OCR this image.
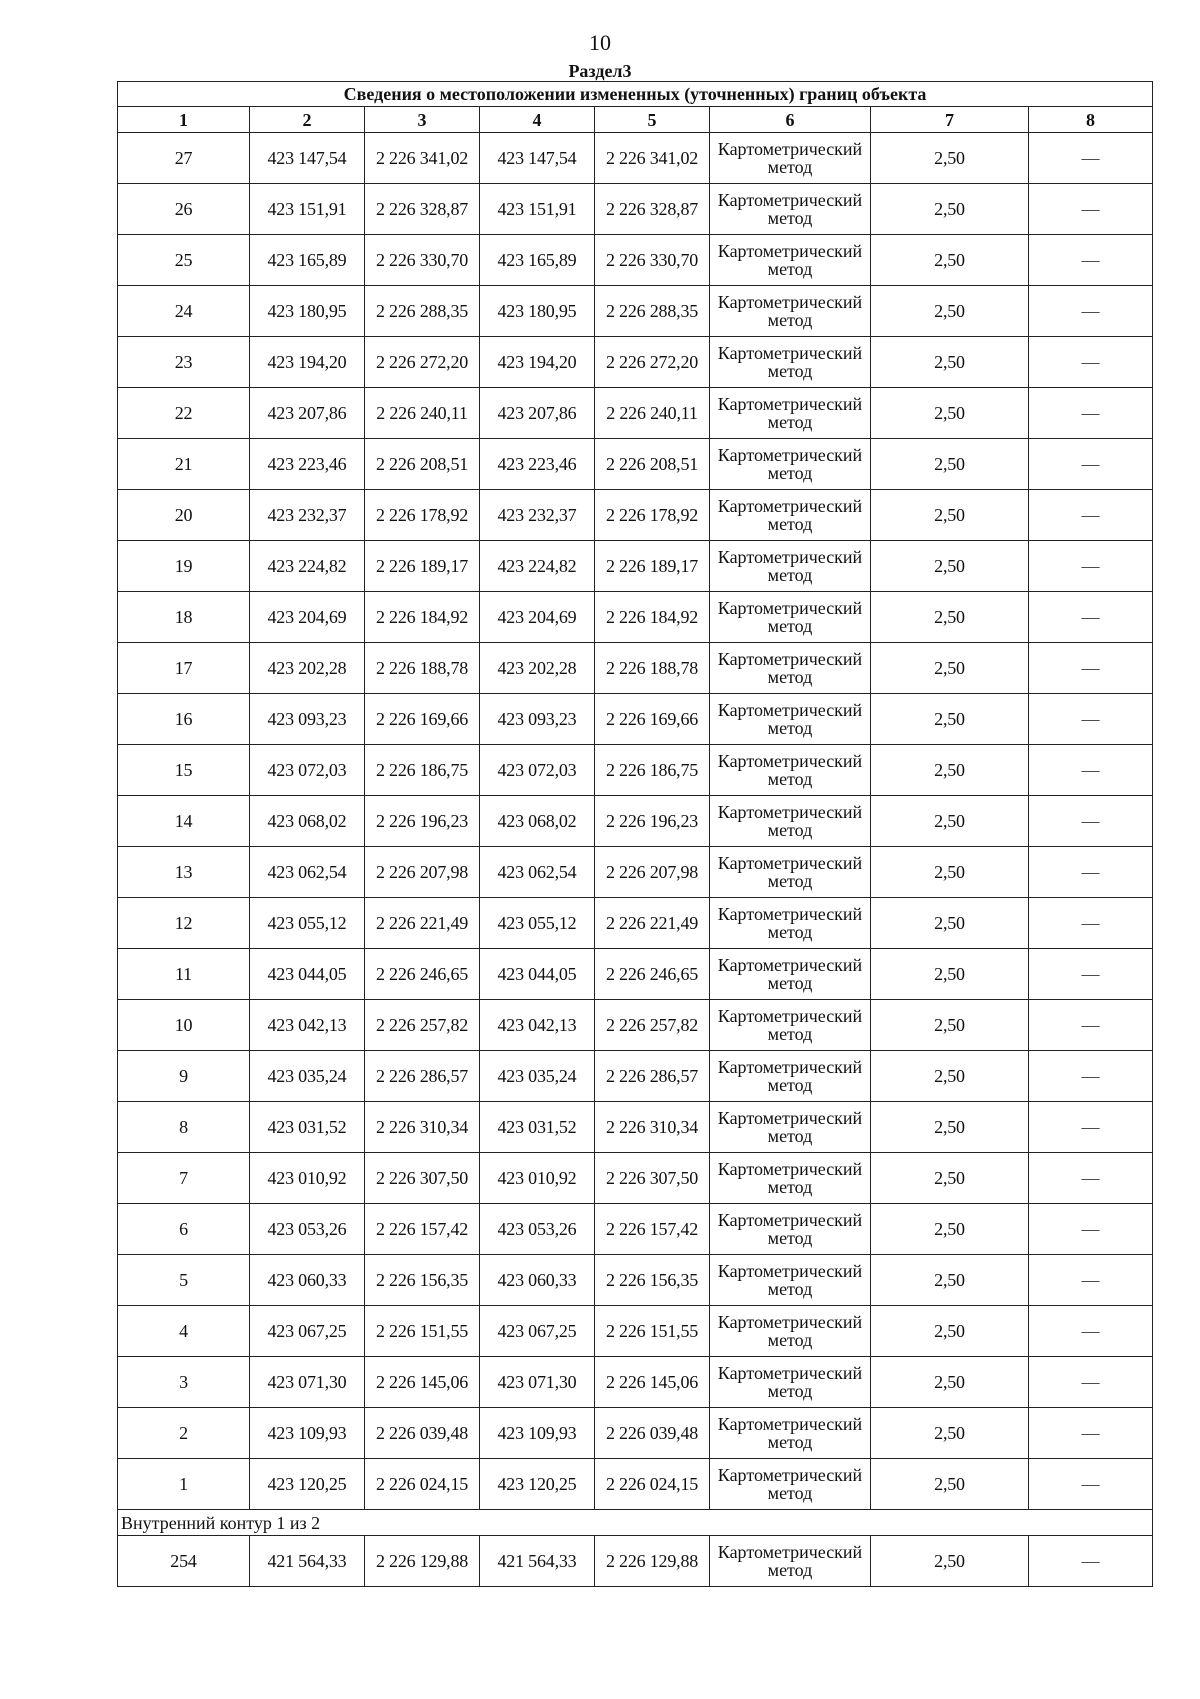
10
Раздел3
Сведения о местоположении измененных (уточненных) границ объекта							
1	2	3	4	5	6	7	8
27	423 147,54	2 226 341,02	423 147,54	2 226 341,02	Картометрический метод	2,50	—
26	423 151,91	2 226 328,87	423 151,91	2 226 328,87	Картометрический метод	2,50	—
25	423 165,89	2 226 330,70	423 165,89	2 226 330,70	Картометрический метод	2,50	—
24	423 180,95	2 226 288,35	423 180,95	2 226 288,35	Картометрический метод	2,50	—
23	423 194,20	2 226 272,20	423 194,20	2 226 272,20	Картометрический метод	2,50	—
22	423 207,86	2 226 240,11	423 207,86	2 226 240,11	Картометрический метод	2,50	—
21	423 223,46	2 226 208,51	423 223,46	2 226 208,51	Картометрический метод	2,50	—
20	423 232,37	2 226 178,92	423 232,37	2 226 178,92	Картометрический метод	2,50	—
19	423 224,82	2 226 189,17	423 224,82	2 226 189,17	Картометрический метод	2,50	—
18	423 204,69	2 226 184,92	423 204,69	2 226 184,92	Картометрический метод	2,50	—
17	423 202,28	2 226 188,78	423 202,28	2 226 188,78	Картометрический метод	2,50	—
16	423 093,23	2 226 169,66	423 093,23	2 226 169,66	Картометрический метод	2,50	—
15	423 072,03	2 226 186,75	423 072,03	2 226 186,75	Картометрический метод	2,50	—
14	423 068,02	2 226 196,23	423 068,02	2 226 196,23	Картометрический метод	2,50	—
13	423 062,54	2 226 207,98	423 062,54	2 226 207,98	Картометрический метод	2,50	—
12	423 055,12	2 226 221,49	423 055,12	2 226 221,49	Картометрический метод	2,50	—
11	423 044,05	2 226 246,65	423 044,05	2 226 246,65	Картометрический метод	2,50	—
10	423 042,13	2 226 257,82	423 042,13	2 226 257,82	Картометрический метод	2,50	—
9	423 035,24	2 226 286,57	423 035,24	2 226 286,57	Картометрический метод	2,50	—
8	423 031,52	2 226 310,34	423 031,52	2 226 310,34	Картометрический метод	2,50	—
7	423 010,92	2 226 307,50	423 010,92	2 226 307,50	Картометрический метод	2,50	—
6	423 053,26	2 226 157,42	423 053,26	2 226 157,42	Картометрический метод	2,50	—
5	423 060,33	2 226 156,35	423 060,33	2 226 156,35	Картометрический метод	2,50	—
4	423 067,25	2 226 151,55	423 067,25	2 226 151,55	Картометрический метод	2,50	—
3	423 071,30	2 226 145,06	423 071,30	2 226 145,06	Картометрический метод	2,50	—
2	423 109,93	2 226 039,48	423 109,93	2 226 039,48	Картометрический метод	2,50	—
1	423 120,25	2 226 024,15	423 120,25	2 226 024,15	Картометрический метод	2,50	—
Внутренний контур 1 из 2							
254	421 564,33	2 226 129,88	421 564,33	2 226 129,88	Картометрический метод	2,50	—
